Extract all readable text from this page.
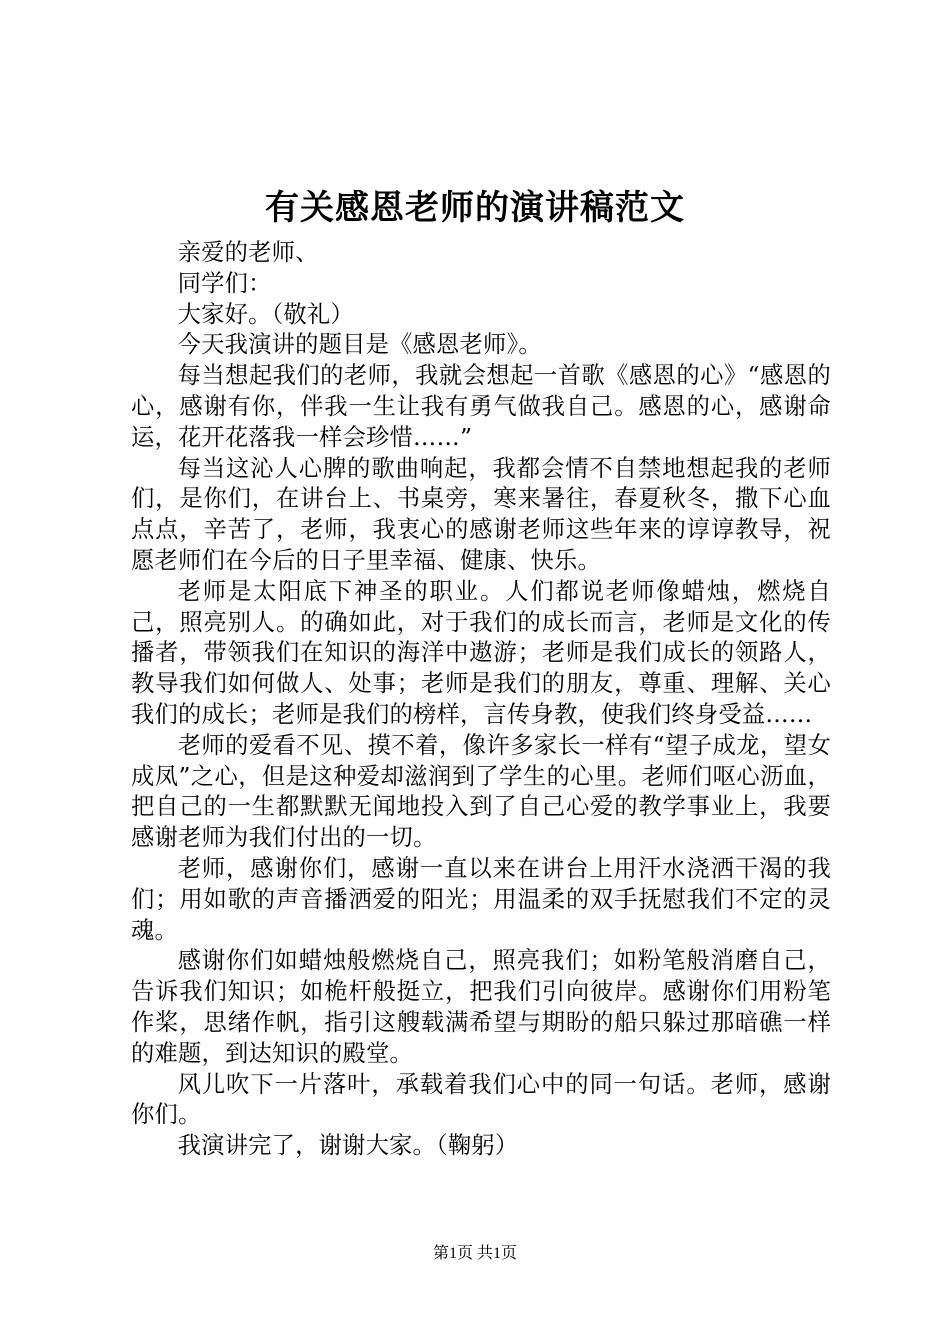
有关感恩老师的演讲稿范文

亲爱的老师、

同学们：

大家好。（敬礼）

今天我演讲的题目是《感恩老师》。

每当想起我们的老师，我就会想起一首歌《感恩的心》“感恩的心，感谢有你，伴我一生让我有勇气做我自己。感恩的心，感谢命运，花开花落我一样会珍惜……”

每当这沁人心脾的歌曲响起，我都会情不自禁地想起我的老师们，是你们，在讲台上、书桌旁，寒来暑往，春夏秋冬，撒下心血点点，辛苦了，老师，我衷心的感谢老师这些年来的谆谆教导，祝愿老师们在今后的日子里幸福、健康、快乐。

老师是太阳底下神圣的职业。人们都说老师像蜡烛，燃烧自己，照亮别人。的确如此，对于我们的成长而言，老师是文化的传播者，带领我们在知识的海洋中遨游；老师是我们成长的领路人，教导我们如何做人、处事；老师是我们的朋友，尊重、理解、关心我们的成长；老师是我们的榜样，言传身教，使我们终身受益……

老师的爱看不见、摸不着，像许多家长一样有“望子成龙，望女成凤”之心，但是这种爱却滋润到了学生的心里。老师们呕心沥血，把自己的一生都默默无闻地投入到了自己心爱的教学事业上，我要感谢老师为我们付出的一切。

老师，感谢你们，感谢一直以来在讲台上用汗水浇洒干渴的我们；用如歌的声音播洒爱的阳光；用温柔的双手抚慰我们不定的灵魂。

感谢你们如蜡烛般燃烧自己，照亮我们；如粉笔般消磨自己，告诉我们知识；如桅杆般挺立，把我们引向彼岸。感谢你们用粉笔作桨，思绪作帆，指引这艘载满希望与期盼的船只躲过那暗礁一样的难题，到达知识的殿堂。

风儿吹下一片落叶，承载着我们心中的同一句话。老师，感谢你们。

我演讲完了，谢谢大家。（鞠躬）

第1页 共1页
